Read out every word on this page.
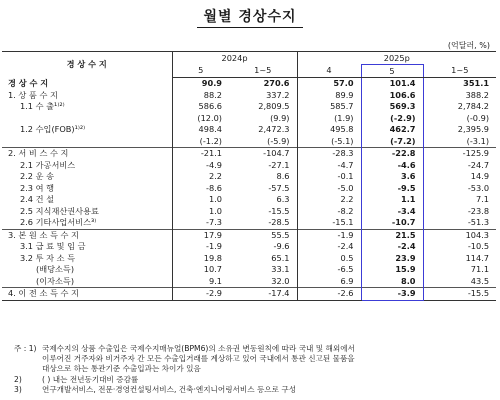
월별 경상수지
(억달러, %)
경 상 수 지	2024p		2025p		
	5	1~5	4	5	1~5
경 상 수 지	90.9	270.6	57.0	101.4	351.1
1. 상 품 수 지	88.2	337.2	89.9	106.6	388.2
1.1 수 출¹⁾²⁾	586.6	2,809.5	585.7	569.3	2,784.2
	(12.0)	(9.9)	(1.9)	(-2.9)	(-0.9)
1.2 수입(FOB)¹⁾²⁾	498.4	2,472.3	495.8	462.7	2,395.9
	(-1.2)	(-5.9)	(-5.1)	(-7.2)	(-3.1)
2. 서 비 스 수 지	-21.1	-104.7	-28.3	-22.8	-125.9
2.1 가공서비스	-4.9	-27.1	-4.7	-4.6	-24.7
2.2 운 송	2.2	8.6	-0.1	3.6	14.9
2.3 여 행	-8.6	-57.5	-5.0	-9.5	-53.0
2.4 건 설	1.0	6.3	2.2	1.1	7.1
2.5 지식재산권사용료	1.0	-15.5	-8.2	-3.4	-23.8
2.6 기타사업서비스³⁾	-7.3	-28.5	-15.1	-10.7	-51.3
3. 본 원 소 득 수 지	17.9	55.5	-1.9	21.5	104.3
3.1 급 료 및 임 금	-1.9	-9.6	-2.4	-2.4	-10.5
3.2 투 자 소 득	19.8	65.1	0.5	23.9	114.7
(배당소득)	10.7	33.1	-6.5	15.9	71.1
(이자소득)	9.1	32.0	6.9	8.0	43.5
4. 이 전 소 득 수 지	-2.9	-17.4	-2.6	-3.9	-15.5
주 : 1) 국제수지의 상품 수출입은 국제수지매뉴얼(BPM6)의 소유권 변동원칙에 따라 국내 및 해외에서
이루어진 거주자와 비거주자 간 모든 수출입거래를 계상하고 있어 국내에서 통관 신고된 물품을
대상으로 하는 통관기준 수출입과는 차이가 있음
2)	( ) 내는 전년동기대비 증감률
3)	연구개발서비스, 전문·경영컨설팅서비스, 건축·엔지니어링서비스 등으로 구성
